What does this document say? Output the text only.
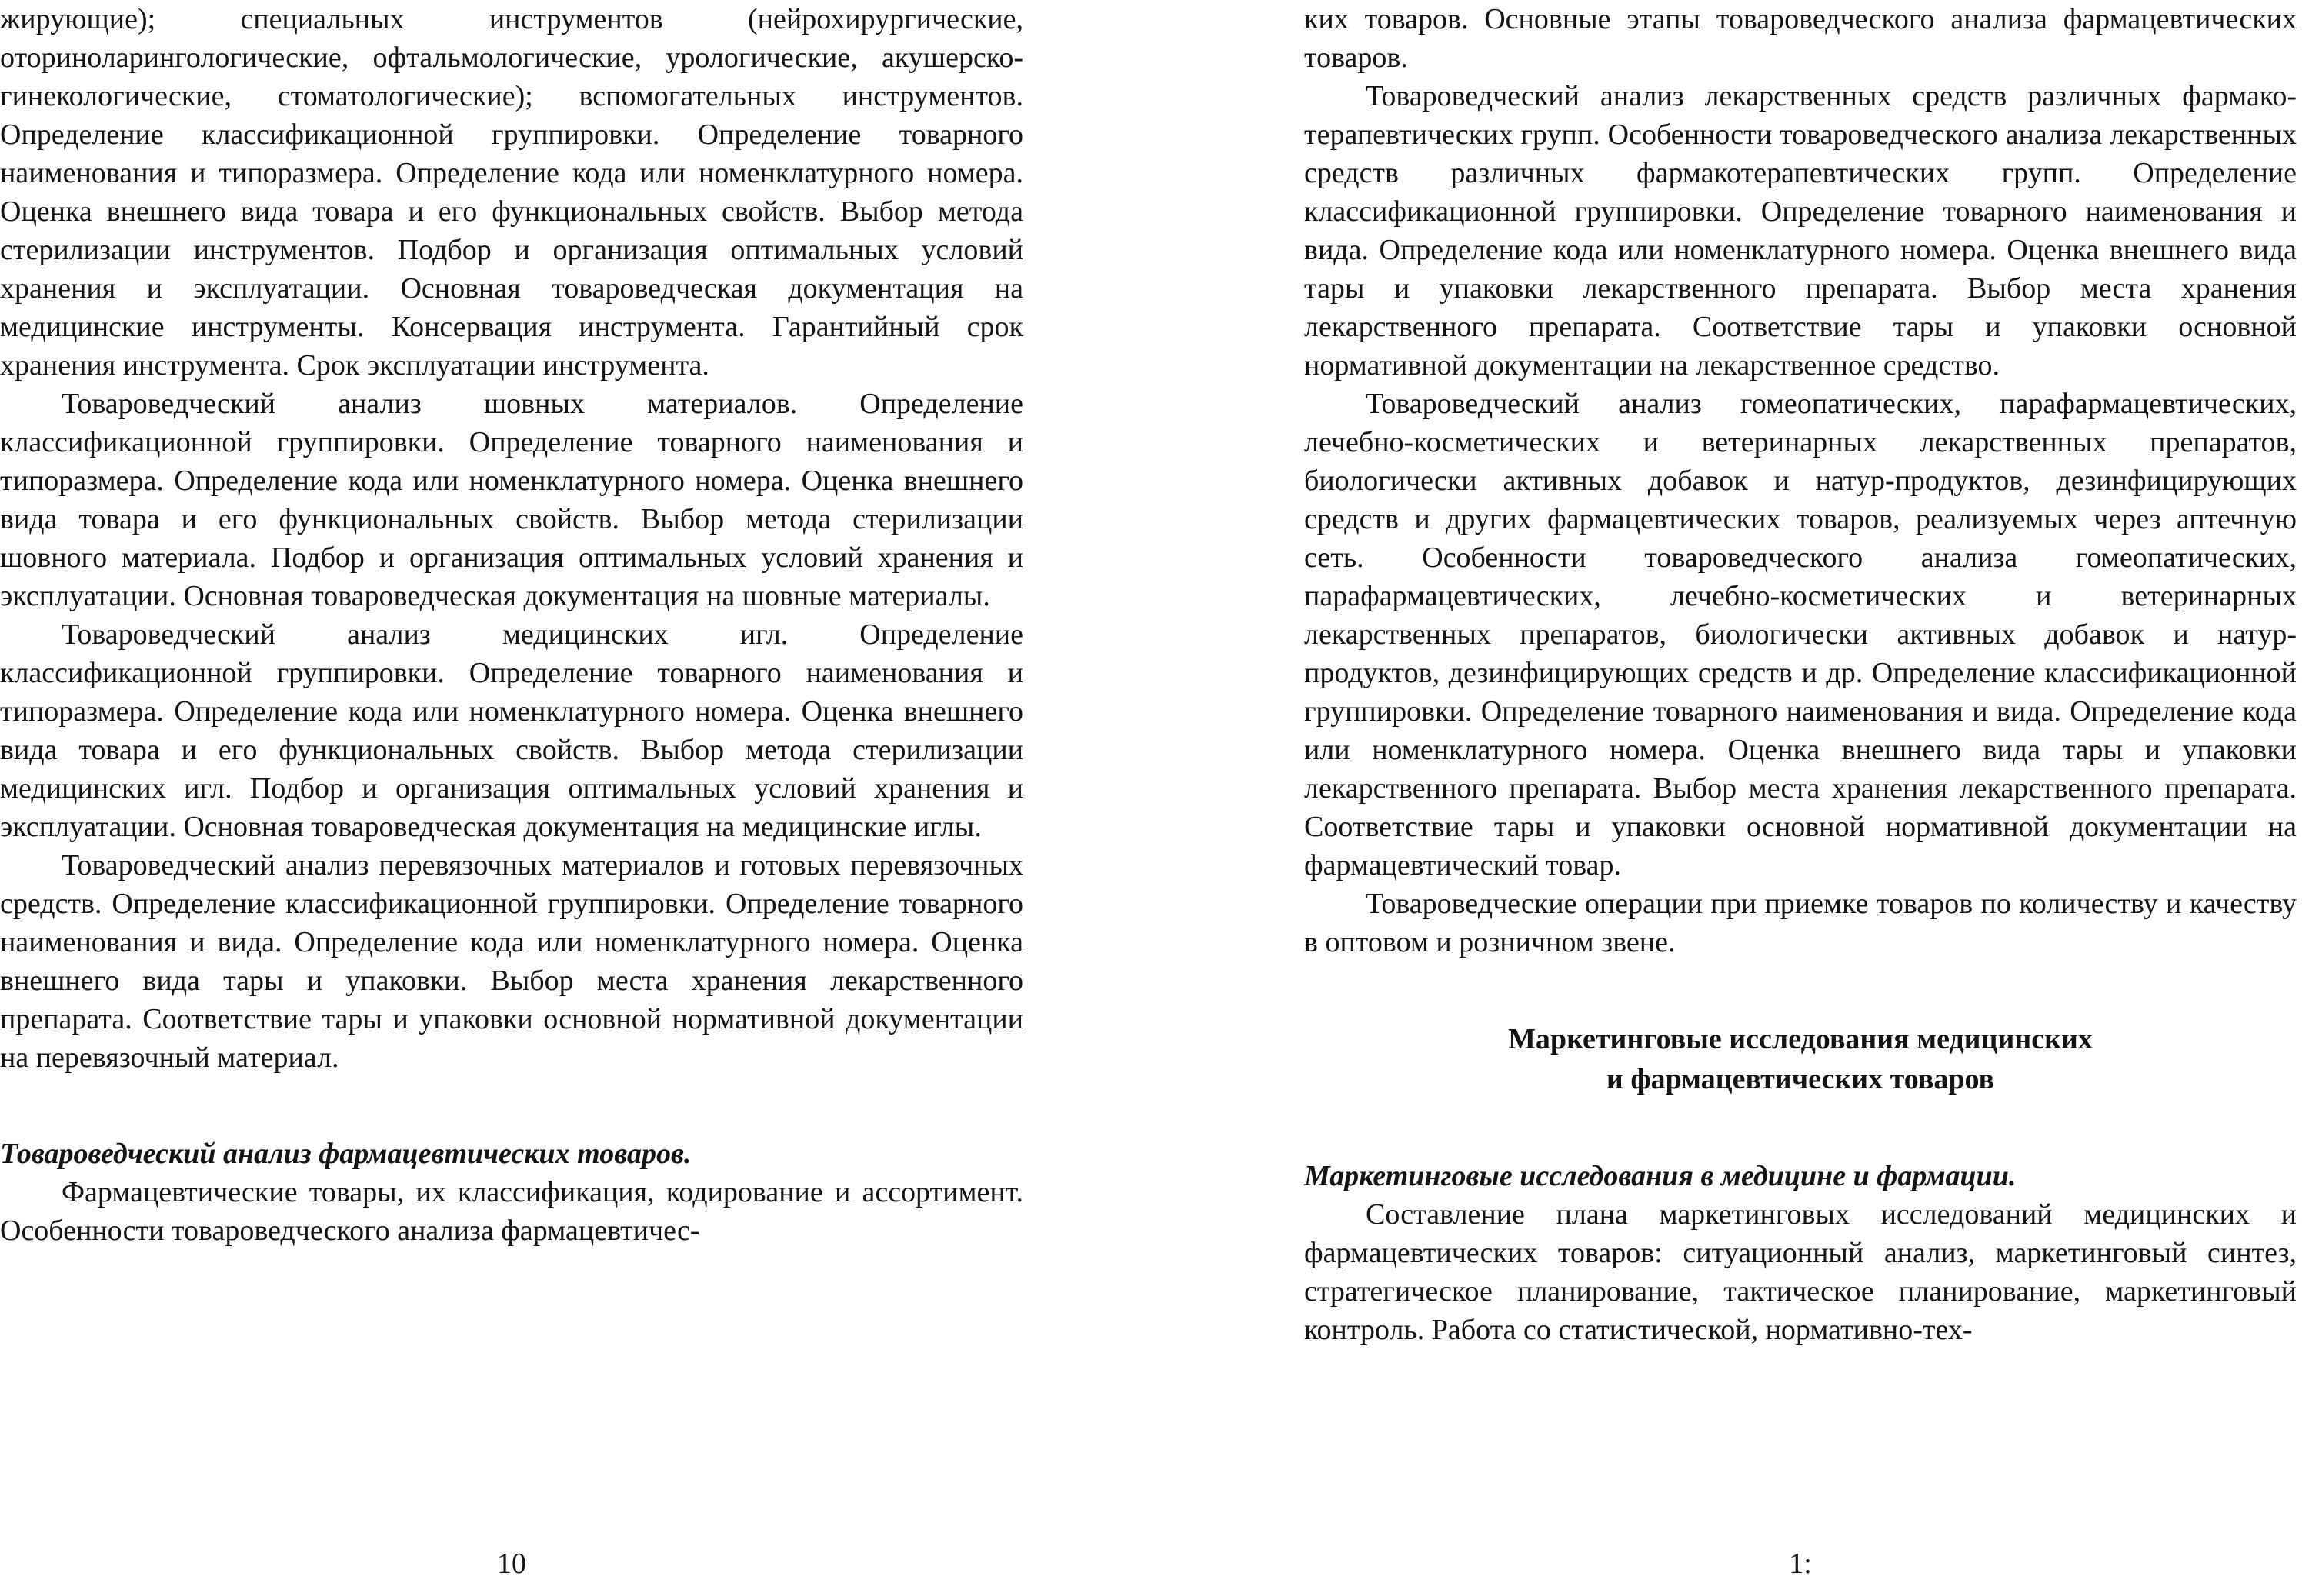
жирующие); специальных инструментов (нейрохирургические, оториноларингологические, офтальмологические, урологические, акушерско-гинекологические, стоматологические); вспомогательных инструментов. Определение классификационной группировки. Определение товарного наименования и типоразмера. Определение кода или номенклатурного номера. Оценка внешнего вида товара и его функциональных свойств. Выбор метода стерилизации инструментов. Подбор и организация оптимальных условий хранения и эксплуатации. Основная товароведческая документация на медицинские инструменты. Консервация инструмента. Гарантийный срок хранения инструмента. Срок эксплуатации инструмента.

Товароведческий анализ шовных материалов. Определение классификационной группировки. Определение товарного наименования и типоразмера. Определение кода или номенклатурного номера. Оценка внешнего вида товара и его функциональных свойств. Выбор метода стерилизации шовного материала. Подбор и организация оптимальных условий хранения и эксплуатации. Основная товароведческая документация на шовные материалы.

Товароведческий анализ медицинских игл. Определение классификационной группировки. Определение товарного наименования и типоразмера. Определение кода или номенклатурного номера. Оценка внешнего вида товара и его функциональных свойств. Выбор метода стерилизации медицинских игл. Подбор и организация оптимальных условий хранения и эксплуатации. Основная товароведческая документация на медицинские иглы.

Товароведческий анализ перевязочных материалов и готовых перевязочных средств. Определение классификационной группировки. Определение товарного наименования и вида. Определение кода или номенклатурного номера. Оценка внешнего вида тары и упаковки. Выбор места хранения лекарственного препарата. Соответствие тары и упаковки основной нормативной документации на перевязочный материал.

Товароведческий анализ фармацевтических товаров.

Фармацевтические товары, их классификация, кодирование и ассортимент. Особенности товароведческого анализа фармацевтичес-

10

ких товаров. Основные этапы товароведческого анализа фармацевтических товаров.

Товароведческий анализ лекарственных средств различных фармако-терапевтических групп. Особенности товароведческого анализа лекарственных средств различных фармакотерапевтических групп. Определение классификационной группировки. Определение товарного наименования и вида. Определение кода или номенклатурного номера. Оценка внешнего вида тары и упаковки лекарственного препарата. Выбор места хранения лекарственного препарата. Соответствие тары и упаковки основной нормативной документации на лекарственное средство.

Товароведческий анализ гомеопатических, парафармацевтических, лечебно-косметических и ветеринарных лекарственных препаратов, биологически активных добавок и натур-продуктов, дезинфицирующих средств и других фармацевтических товаров, реализуемых через аптечную сеть. Особенности товароведческого анализа гомеопатических, парафармацевтических, лечебно-косметических и ветеринарных лекарственных препаратов, биологически активных добавок и натур-продуктов, дезинфицирующих средств и др. Определение классификационной группировки. Определение товарного наименования и вида. Определение кода или номенклатурного номера. Оценка внешнего вида тары и упаковки лекарственного препарата. Выбор места хранения лекарственного препарата. Соответствие тары и упаковки основной нормативной документации на фармацевтический товар.

Товароведческие операции при приемке товаров по количеству и качеству в оптовом и розничном звене.

Маркетинговые исследования медицинских

и фармацевтических товаров

Маркетинговые исследования в медицине и фармации.

Составление плана маркетинговых исследований медицинских и фармацевтических товаров: ситуационный анализ, маркетинговый синтез, стратегическое планирование, тактическое планирование, маркетинговый контроль. Работа со статистической, нормативно-тех-

1:
